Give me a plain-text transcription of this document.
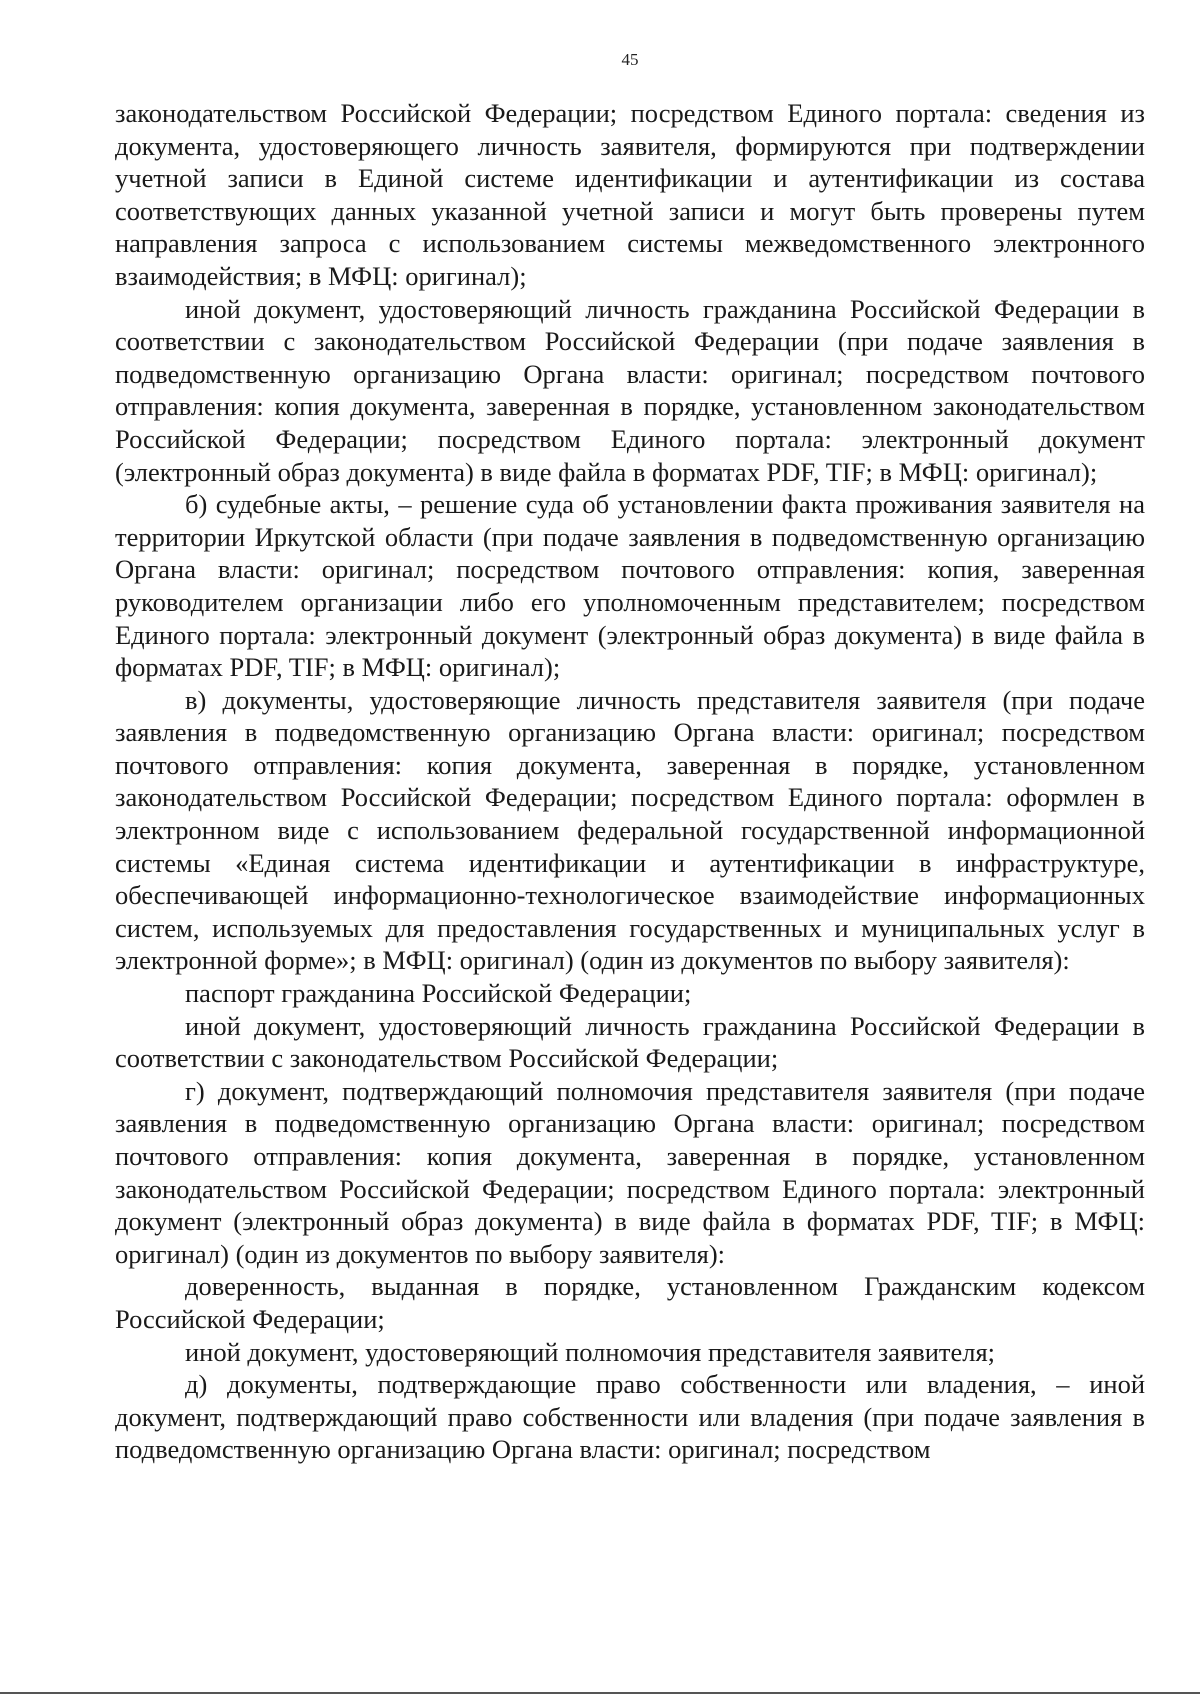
45

законодательством Российской Федерации; посредством Единого портала: сведения из документа, удостоверяющего личность заявителя, формируются при подтверждении учетной записи в Единой системе идентификации и аутентификации из состава соответствующих данных указанной учетной записи и могут быть проверены путем направления запроса с использованием системы межведомственного электронного взаимодействия; в МФЦ: оригинал);

иной документ, удостоверяющий личность гражданина Российской Федерации в соответствии с законодательством Российской Федерации (при подаче заявления в подведомственную организацию Органа власти: оригинал; посредством почтового отправления: копия документа, заверенная в порядке, установленном законодательством Российской Федерации; посредством Единого портала: электронный документ (электронный образ документа) в виде файла в форматах PDF, TIF; в МФЦ: оригинал);

б) судебные акты, – решение суда об установлении факта проживания заявителя на территории Иркутской области (при подаче заявления в подведомственную организацию Органа власти: оригинал; посредством почтового отправления: копия, заверенная руководителем организации либо его уполномоченным представителем; посредством Единого портала: электронный документ (электронный образ документа) в виде файла в форматах PDF, TIF; в МФЦ: оригинал);

в) документы, удостоверяющие личность представителя заявителя (при подаче заявления в подведомственную организацию Органа власти: оригинал; посредством почтового отправления: копия документа, заверенная в порядке, установленном законодательством Российской Федерации; посредством Единого портала: оформлен в электронном виде с использованием федеральной государственной информационной системы «Единая система идентификации и аутентификации в инфраструктуре, обеспечивающей информационно-технологическое взаимодействие информационных систем, используемых для предоставления государственных и муниципальных услуг в электронной форме»; в МФЦ: оригинал) (один из документов по выбору заявителя):

паспорт гражданина Российской Федерации;

иной документ, удостоверяющий личность гражданина Российской Федерации в соответствии с законодательством Российской Федерации;

г) документ, подтверждающий полномочия представителя заявителя (при подаче заявления в подведомственную организацию Органа власти: оригинал; посредством почтового отправления: копия документа, заверенная в порядке, установленном законодательством Российской Федерации; посредством Единого портала: электронный документ (электронный образ документа) в виде файла в форматах PDF, TIF; в МФЦ: оригинал) (один из документов по выбору заявителя):

доверенность, выданная в порядке, установленном Гражданским кодексом Российской Федерации;

иной документ, удостоверяющий полномочия представителя заявителя;

д) документы, подтверждающие право собственности или владения, – иной документ, подтверждающий право собственности или владения (при подаче заявления в подведомственную организацию Органа власти: оригинал; посредством
